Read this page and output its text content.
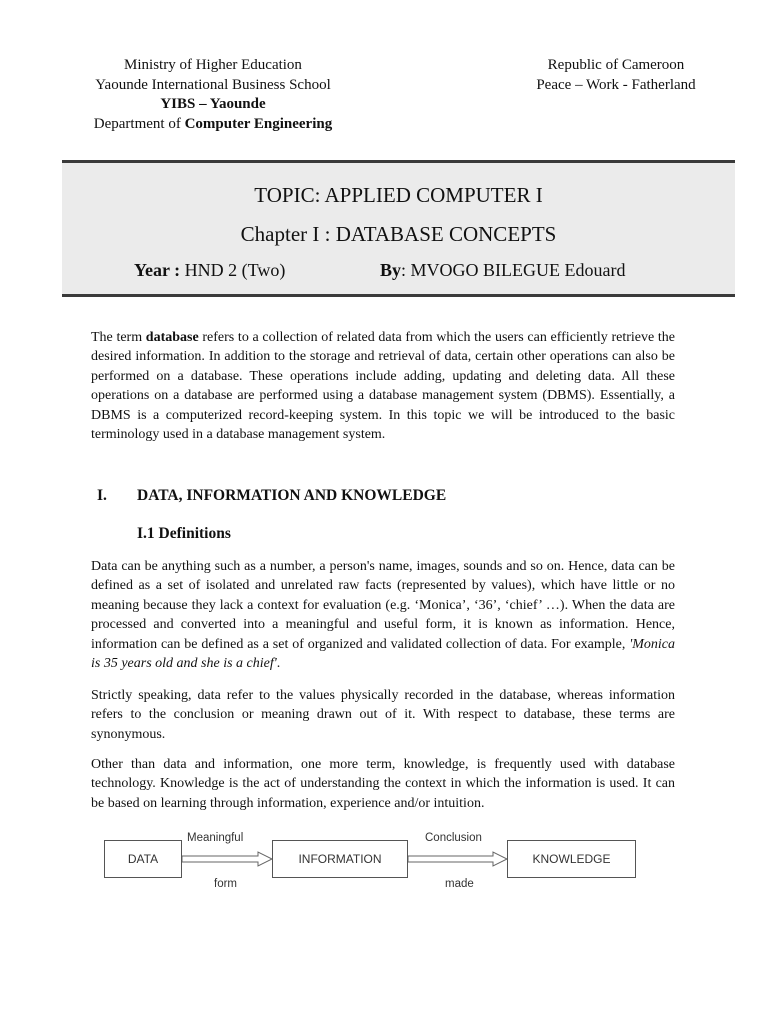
Ministry of Higher Education
Yaounde International Business School
YIBS – Yaounde
Department of Computer Engineering
Republic of Cameroon
Peace – Work - Fatherland
TOPIC: APPLIED COMPUTER I
Chapter I : DATABASE CONCEPTS
Year : HND 2 (Two)	By: MVOGO BILEGUE Edouard

The term database refers to a collection of related data from which the users can efficiently retrieve the desired information. In addition to the storage and retrieval of data, certain other operations can also be performed on a database. These operations include adding, updating and deleting data. All these operations on a database are performed using a database management system (DBMS). Essentially, a DBMS is a computerized record-keeping system. In this topic we will be introduced to the basic terminology used in a database management system.

I. DATA, INFORMATION AND KNOWLEDGE
I.1 Definitions

Data can be anything such as a number, a person's name, images, sounds and so on. Hence, data can be defined as a set of isolated and unrelated raw facts (represented by values), which have little or no meaning because they lack a context for evaluation (e.g. ‘Monica’, ‘36’, ‘chief’ …). When the data are processed and converted into a meaningful and useful form, it is known as information. Hence, information can be defined as a set of organized and validated collection of data. For example, 'Monica is 35 years old and she is a chief'.

Strictly speaking, data refer to the values physically recorded in the database, whereas information refers to the conclusion or meaning drawn out of it. With respect to database, these terms are synonymous.

Other than data and information, one more term, knowledge, is frequently used with database technology. Knowledge is the act of understanding the context in which the information is used. It can be based on learning through information, experience and/or intuition.

DATA	INFORMATION	KNOWLEDGE
Meaningful
form
Conclusion
made
